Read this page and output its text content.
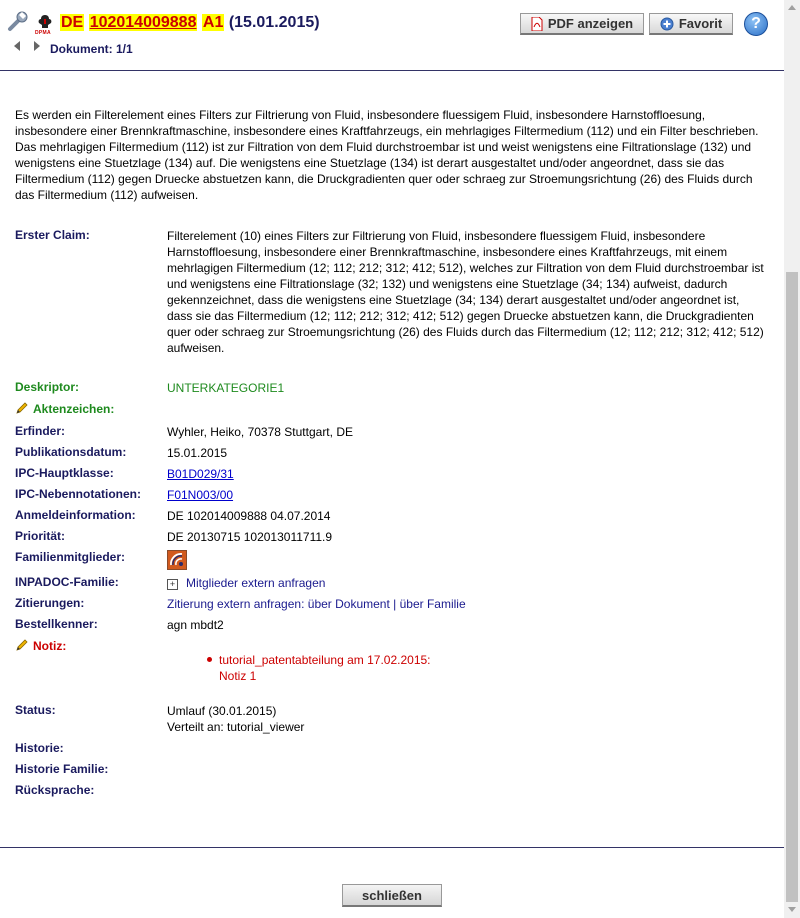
DPMA
DE 102014009888 A1 (15.01.2015)
Dokument: 1/1
PDF anzeigen	Favorit	?
Es werden ein Filterelement eines Filters zur Filtrierung von Fluid, insbesondere fluessigem Fluid, insbesondere Harnstoffloesung, insbesondere einer Brennkraftmaschine, insbesondere eines Kraftfahrzeugs, ein mehrlagiges Filtermedium (112) und ein Filter beschrieben. Das mehrlagigen Filtermedium (112) ist zur Filtration von dem Fluid durchstroembar ist und weist wenigstens eine Filtrationslage (132) und wenigstens eine Stuetzlage (134) auf. Die wenigstens eine Stuetzlage (134) ist derart ausgestaltet und/oder angeordnet, dass sie das Filtermedium (112) gegen Druecke abstuetzen kann, die Druckgradienten quer oder schraeg zur Stroemungsrichtung (26) des Fluids durch das Filtermedium (112) aufweisen.
Erster Claim:	Filterelement (10) eines Filters zur Filtrierung von Fluid, insbesondere fluessigem Fluid, insbesondere Harnstoffloesung, insbesondere einer Brennkraftmaschine, insbesondere eines Kraftfahrzeugs, mit einem mehrlagigen Filtermedium (12; 112; 212; 312; 412; 512), welches zur Filtration von dem Fluid durchstroembar ist und wenigstens eine Filtrationslage (32; 132) und wenigstens eine Stuetzlage (34; 134) aufweist, dadurch gekennzeichnet, dass die wenigstens eine Stuetzlage (34; 134) derart ausgestaltet und/oder angeordnet ist, dass sie das Filtermedium (12; 112; 212; 312; 412; 512) gegen Druecke abstuetzen kann, die Druckgradienten quer oder schraeg zur Stroemungsrichtung (26) des Fluids durch das Filtermedium (12; 112; 212; 312; 412; 512) aufweisen.
Deskriptor:	UNTERKATEGORIE1
Aktenzeichen:
Erfinder:	Wyhler, Heiko, 70378 Stuttgart, DE
Publikationsdatum:	15.01.2015
IPC-Hauptklasse:	B01D029/31
IPC-Nebennotationen: F01N003/00
Anmeldeinformation:	DE 102014009888 04.07.2014
Priorität:	DE 20130715 102013011711.9
Familienmitglieder:
INPADOC-Familie:	+ Mitglieder extern anfragen
Zitierungen:	Zitierung extern anfragen: über Dokument | über Familie
Bestellkenner:	agn mbdt2
Notiz:
tutorial_patentabteilung am 17.02.2015:
Notiz 1
Status:	Umlauf (30.01.2015)
Verteilt an: tutorial_viewer
Historie:
Historie Familie:
Rücksprache:
schließen
